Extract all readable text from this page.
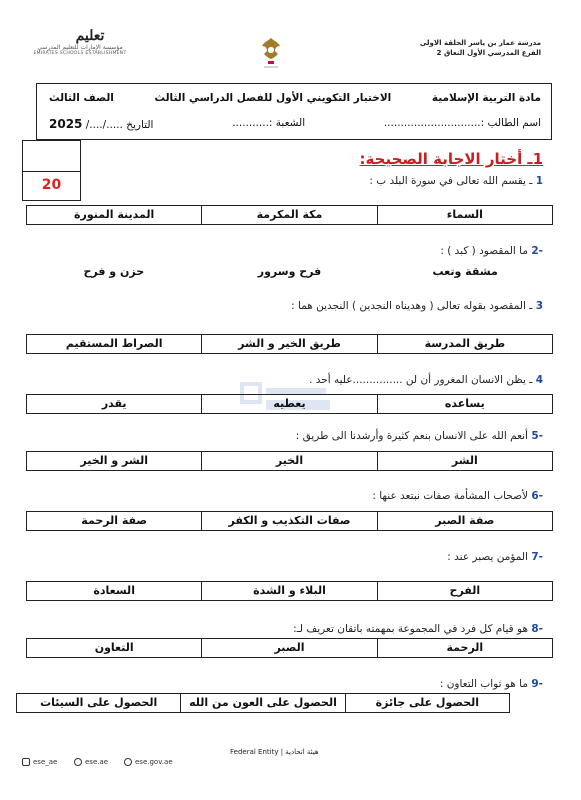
مدرسة عمار بن ياسر الحلقة الاولى
الفرع المدرسي الأول النعاق 2
تعليم
مؤسسة الإمارات للتعليم المدرسي
EMIRATES SCHOOLS ESTABLISHMENT
مادة التربية الإسلامية
الاختبار التكويني الأول للفصل الدراسي الثالث
الصف الثالث
اسم الطالب :.............................
الشعبة :...........
التاريخ ...../..../ 2025
20
1ـ أختار الاجابة الصحيحة:
1 ـ يقسم الله تعالى في سورة البلد ب :
السماء
مكة المكرمة
المدينة المنورة
-2 ما المقصود ( كبد ) :
مشقة وتعب
فرح وسرور
حزن و فرح
3 ـ المقصود بقوله تعالى ( وهديناه النجدين ) النجدين هما :
طريق المدرسة
طريق الخير و الشر
الصراط المستقيم
4 ـ يظن الانسان المغرور أن لن ...............عليه أحد .
يساعده
يعطيه
يقدر
-5 أنعم الله على الانسان بنعم كثيرة وأرشدنا الى طريق :
الشر
الخير
الشر و الخير
-6 لأصحاب المشأمة صفات نبتعد عنها :
صفة الصبر
صفات التكذيب و الكفر
صفة الرحمة
-7 المؤمن يصبر عند :
الفرح
البلاء و الشدة
السعادة
-8 هو قيام كل فرد في المجموعة بمهمته باتقان تعريف لـ:
الرحمة
الصبر
التعاون
-9 ما هو ثواب التعاون :
الحصول على جائزة
الحصول على العون من الله
الحصول على السيئات
Federal Entity | هيئة اتحادية
ese_ae	ese.ae	ese.gov.ae
